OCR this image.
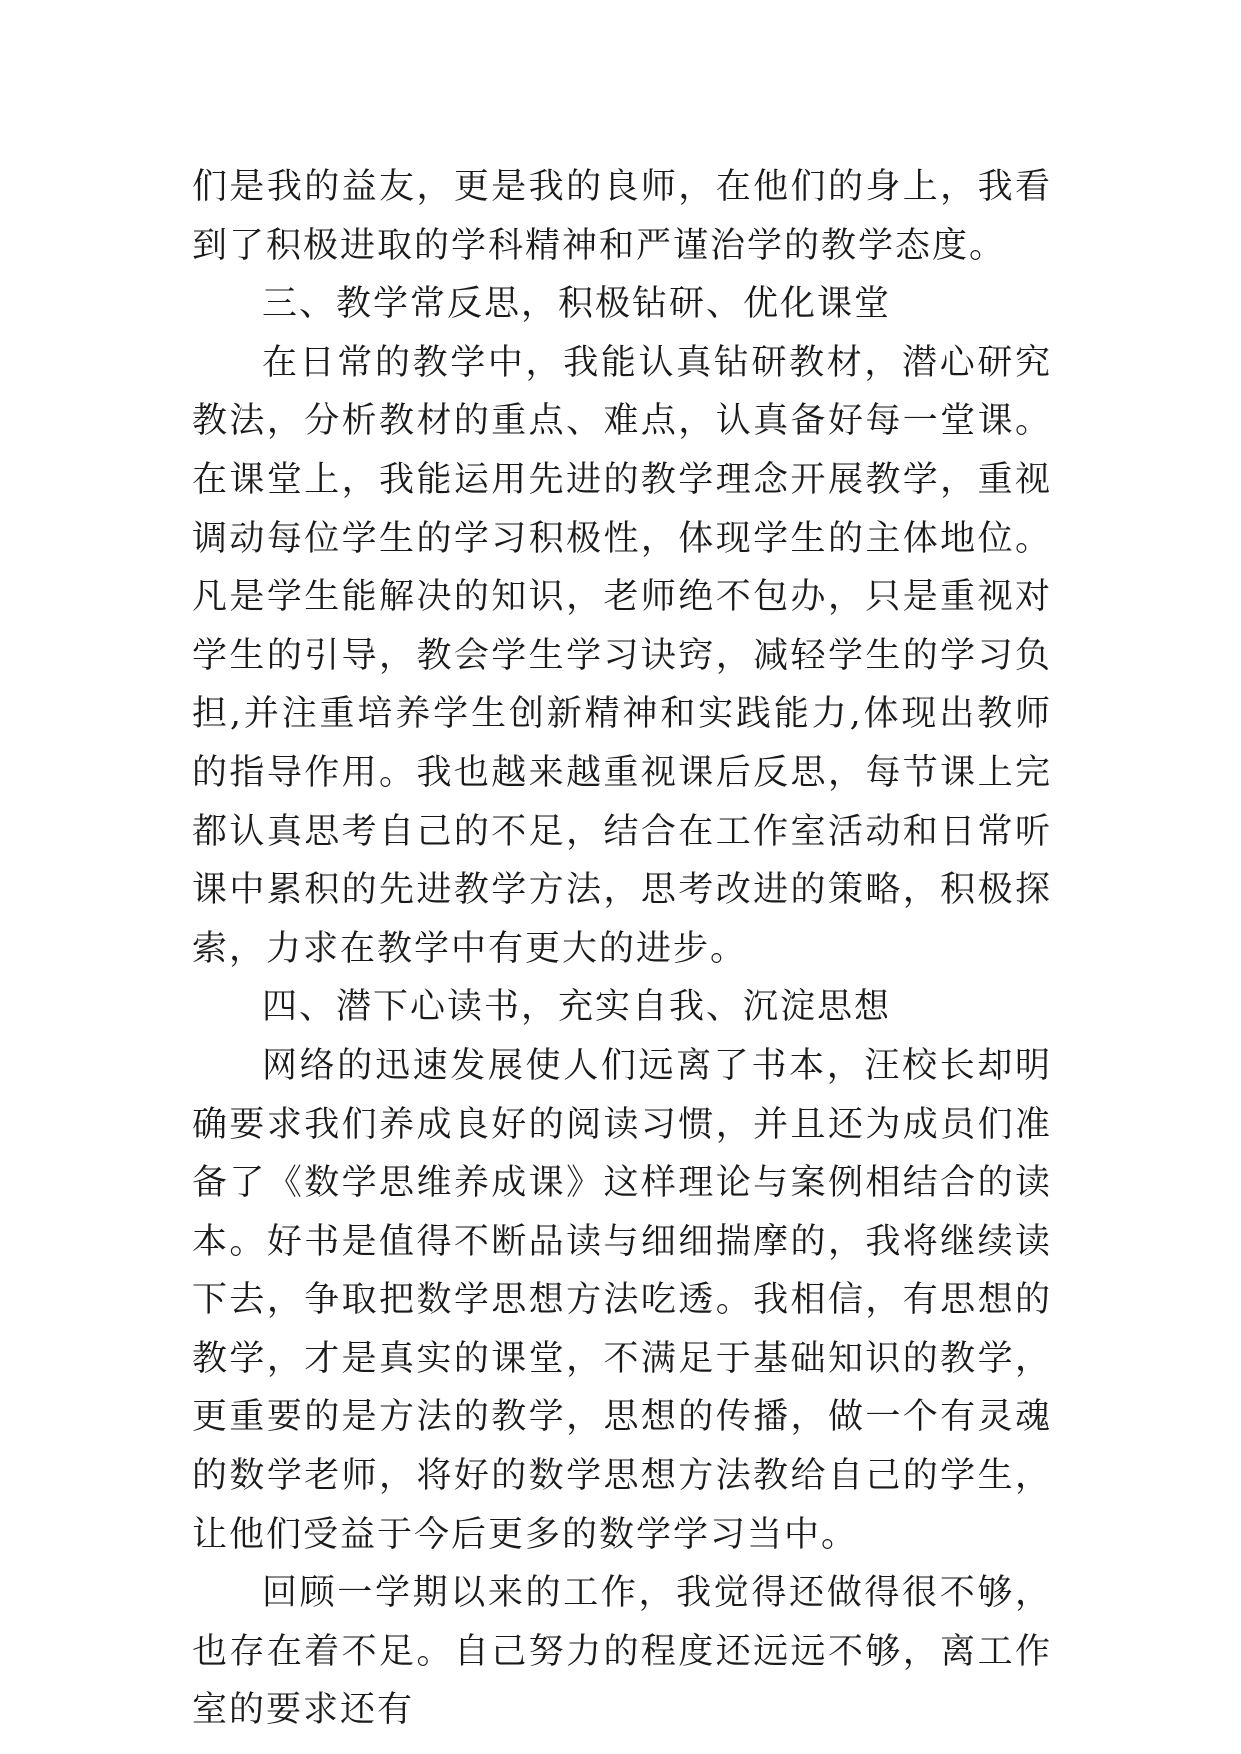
们是我的益友，更是我的良师，在他们的身上，我看到了积极进取的学科精神和严谨治学的教学态度。

三、教学常反思，积极钻研、优化课堂

在日常的教学中，我能认真钻研教材，潜心研究教法，分析教材的重点、难点，认真备好每一堂课。在课堂上，我能运用先进的教学理念开展教学，重视调动每位学生的学习积极性，体现学生的主体地位。凡是学生能解决的知识，老师绝不包办，只是重视对学生的引导，教会学生学习诀窍，减轻学生的学习负担,并注重培养学生创新精神和实践能力,体现出教师的指导作用。我也越来越重视课后反思，每节课上完都认真思考自己的不足，结合在工作室活动和日常听课中累积的先进教学方法，思考改进的策略，积极探索，力求在教学中有更大的进步。

四、潜下心读书，充实自我、沉淀思想

网络的迅速发展使人们远离了书本，汪校长却明确要求我们养成良好的阅读习惯，并且还为成员们准备了《数学思维养成课》这样理论与案例相结合的读本。好书是值得不断品读与细细揣摩的，我将继续读下去，争取把数学思想方法吃透。我相信，有思想的教学，才是真实的课堂，不满足于基础知识的教学，更重要的是方法的教学，思想的传播，做一个有灵魂的数学老师，将好的数学思想方法教给自己的学生，让他们受益于今后更多的数学学习当中。

回顾一学期以来的工作，我觉得还做得很不够，也存在着不足。自己努力的程度还远远不够，离工作室的要求还有
